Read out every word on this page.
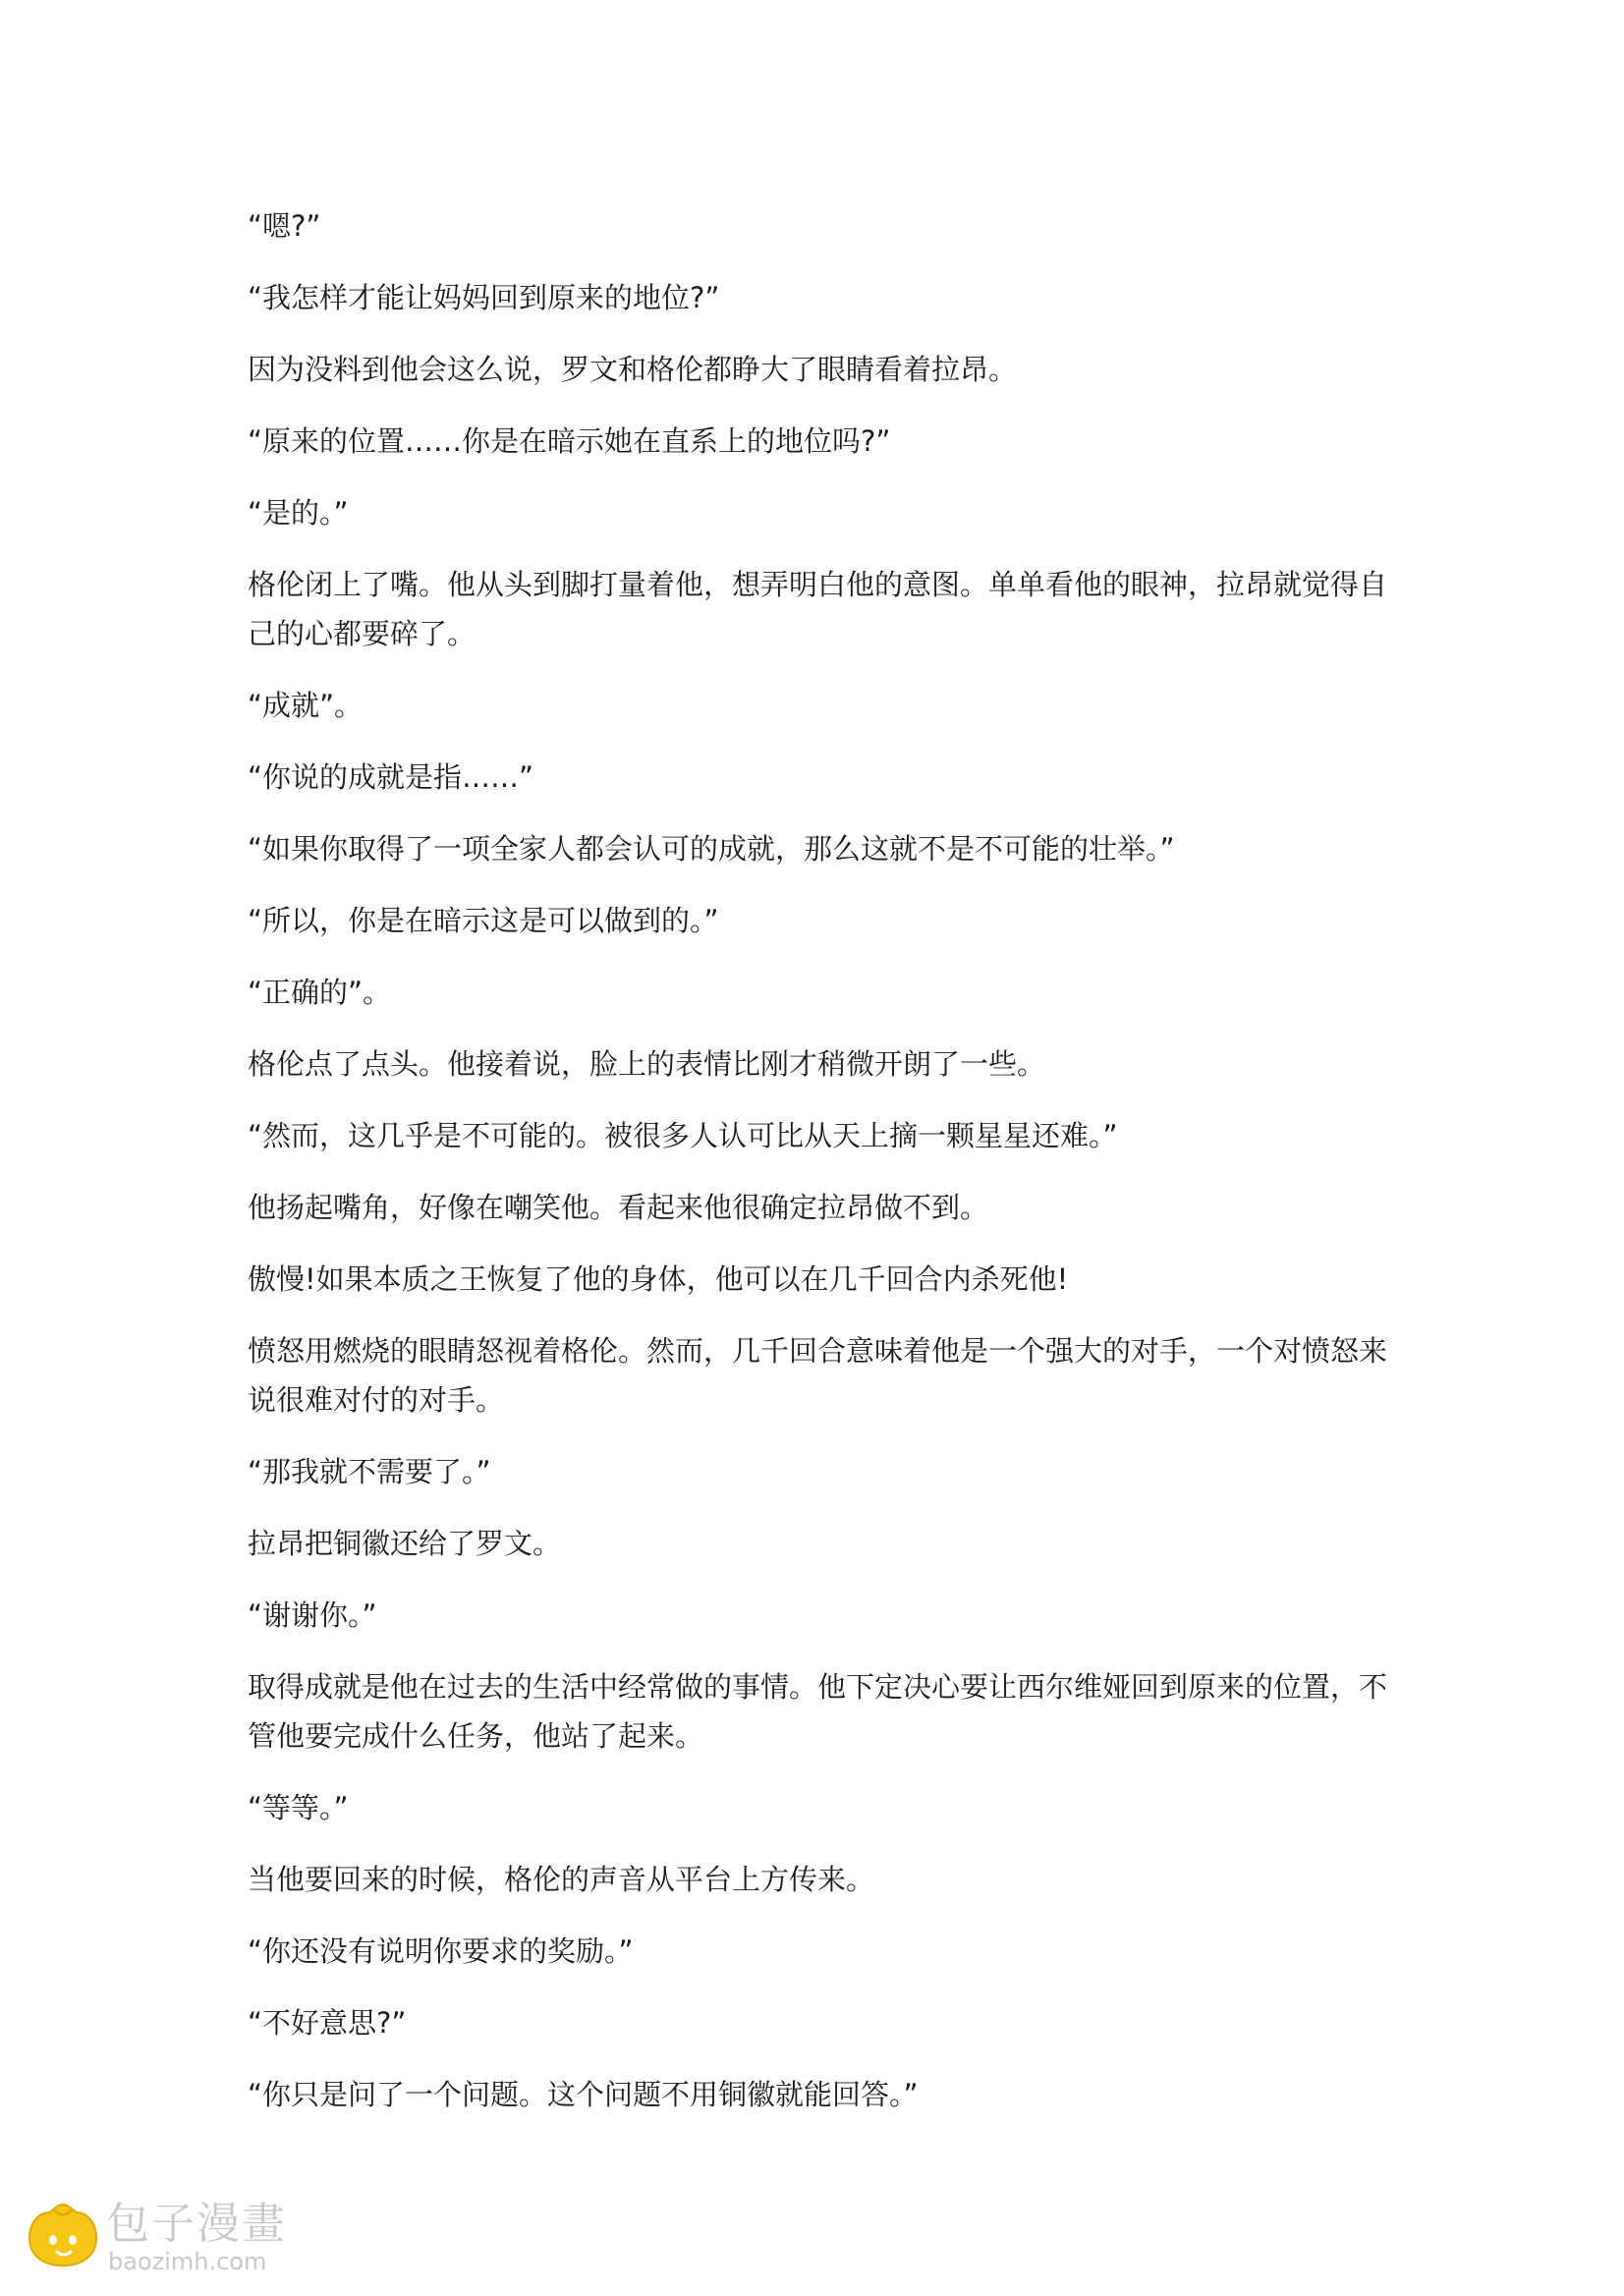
“嗯?”

“我怎样才能让妈妈回到原来的地位?”

因为没料到他会这么说，罗文和格伦都睁大了眼睛看着拉昂。

“原来的位置……你是在暗示她在直系上的地位吗?”

“是的。”

格伦闭上了嘴。他从头到脚打量着他，想弄明白他的意图。单单看他的眼神，拉昂就觉得自己的心都要碎了。

“成就”。

“你说的成就是指……”

“如果你取得了一项全家人都会认可的成就，那么这就不是不可能的壮举。”

“所以，你是在暗示这是可以做到的。”

“正确的”。

格伦点了点头。他接着说，脸上的表情比刚才稍微开朗了一些。

“然而，这几乎是不可能的。被很多人认可比从天上摘一颗星星还难。”

他扬起嘴角，好像在嘲笑他。看起来他很确定拉昂做不到。

傲慢!如果本质之王恢复了他的身体，他可以在几千回合内杀死他!

愤怒用燃烧的眼睛怒视着格伦。然而，几千回合意味着他是一个强大的对手，一个对愤怒来说很难对付的对手。

“那我就不需要了。”

拉昂把铜徽还给了罗文。

“谢谢你。”

取得成就是他在过去的生活中经常做的事情。他下定决心要让西尔维娅回到原来的位置，不管他要完成什么任务，他站了起来。

“等等。”

当他要回来的时候，格伦的声音从平台上方传来。

“你还没有说明你要求的奖励。”

“不好意思?”

“你只是问了一个问题。这个问题不用铜徽就能回答。”

包子漫畫
baozimh.com
